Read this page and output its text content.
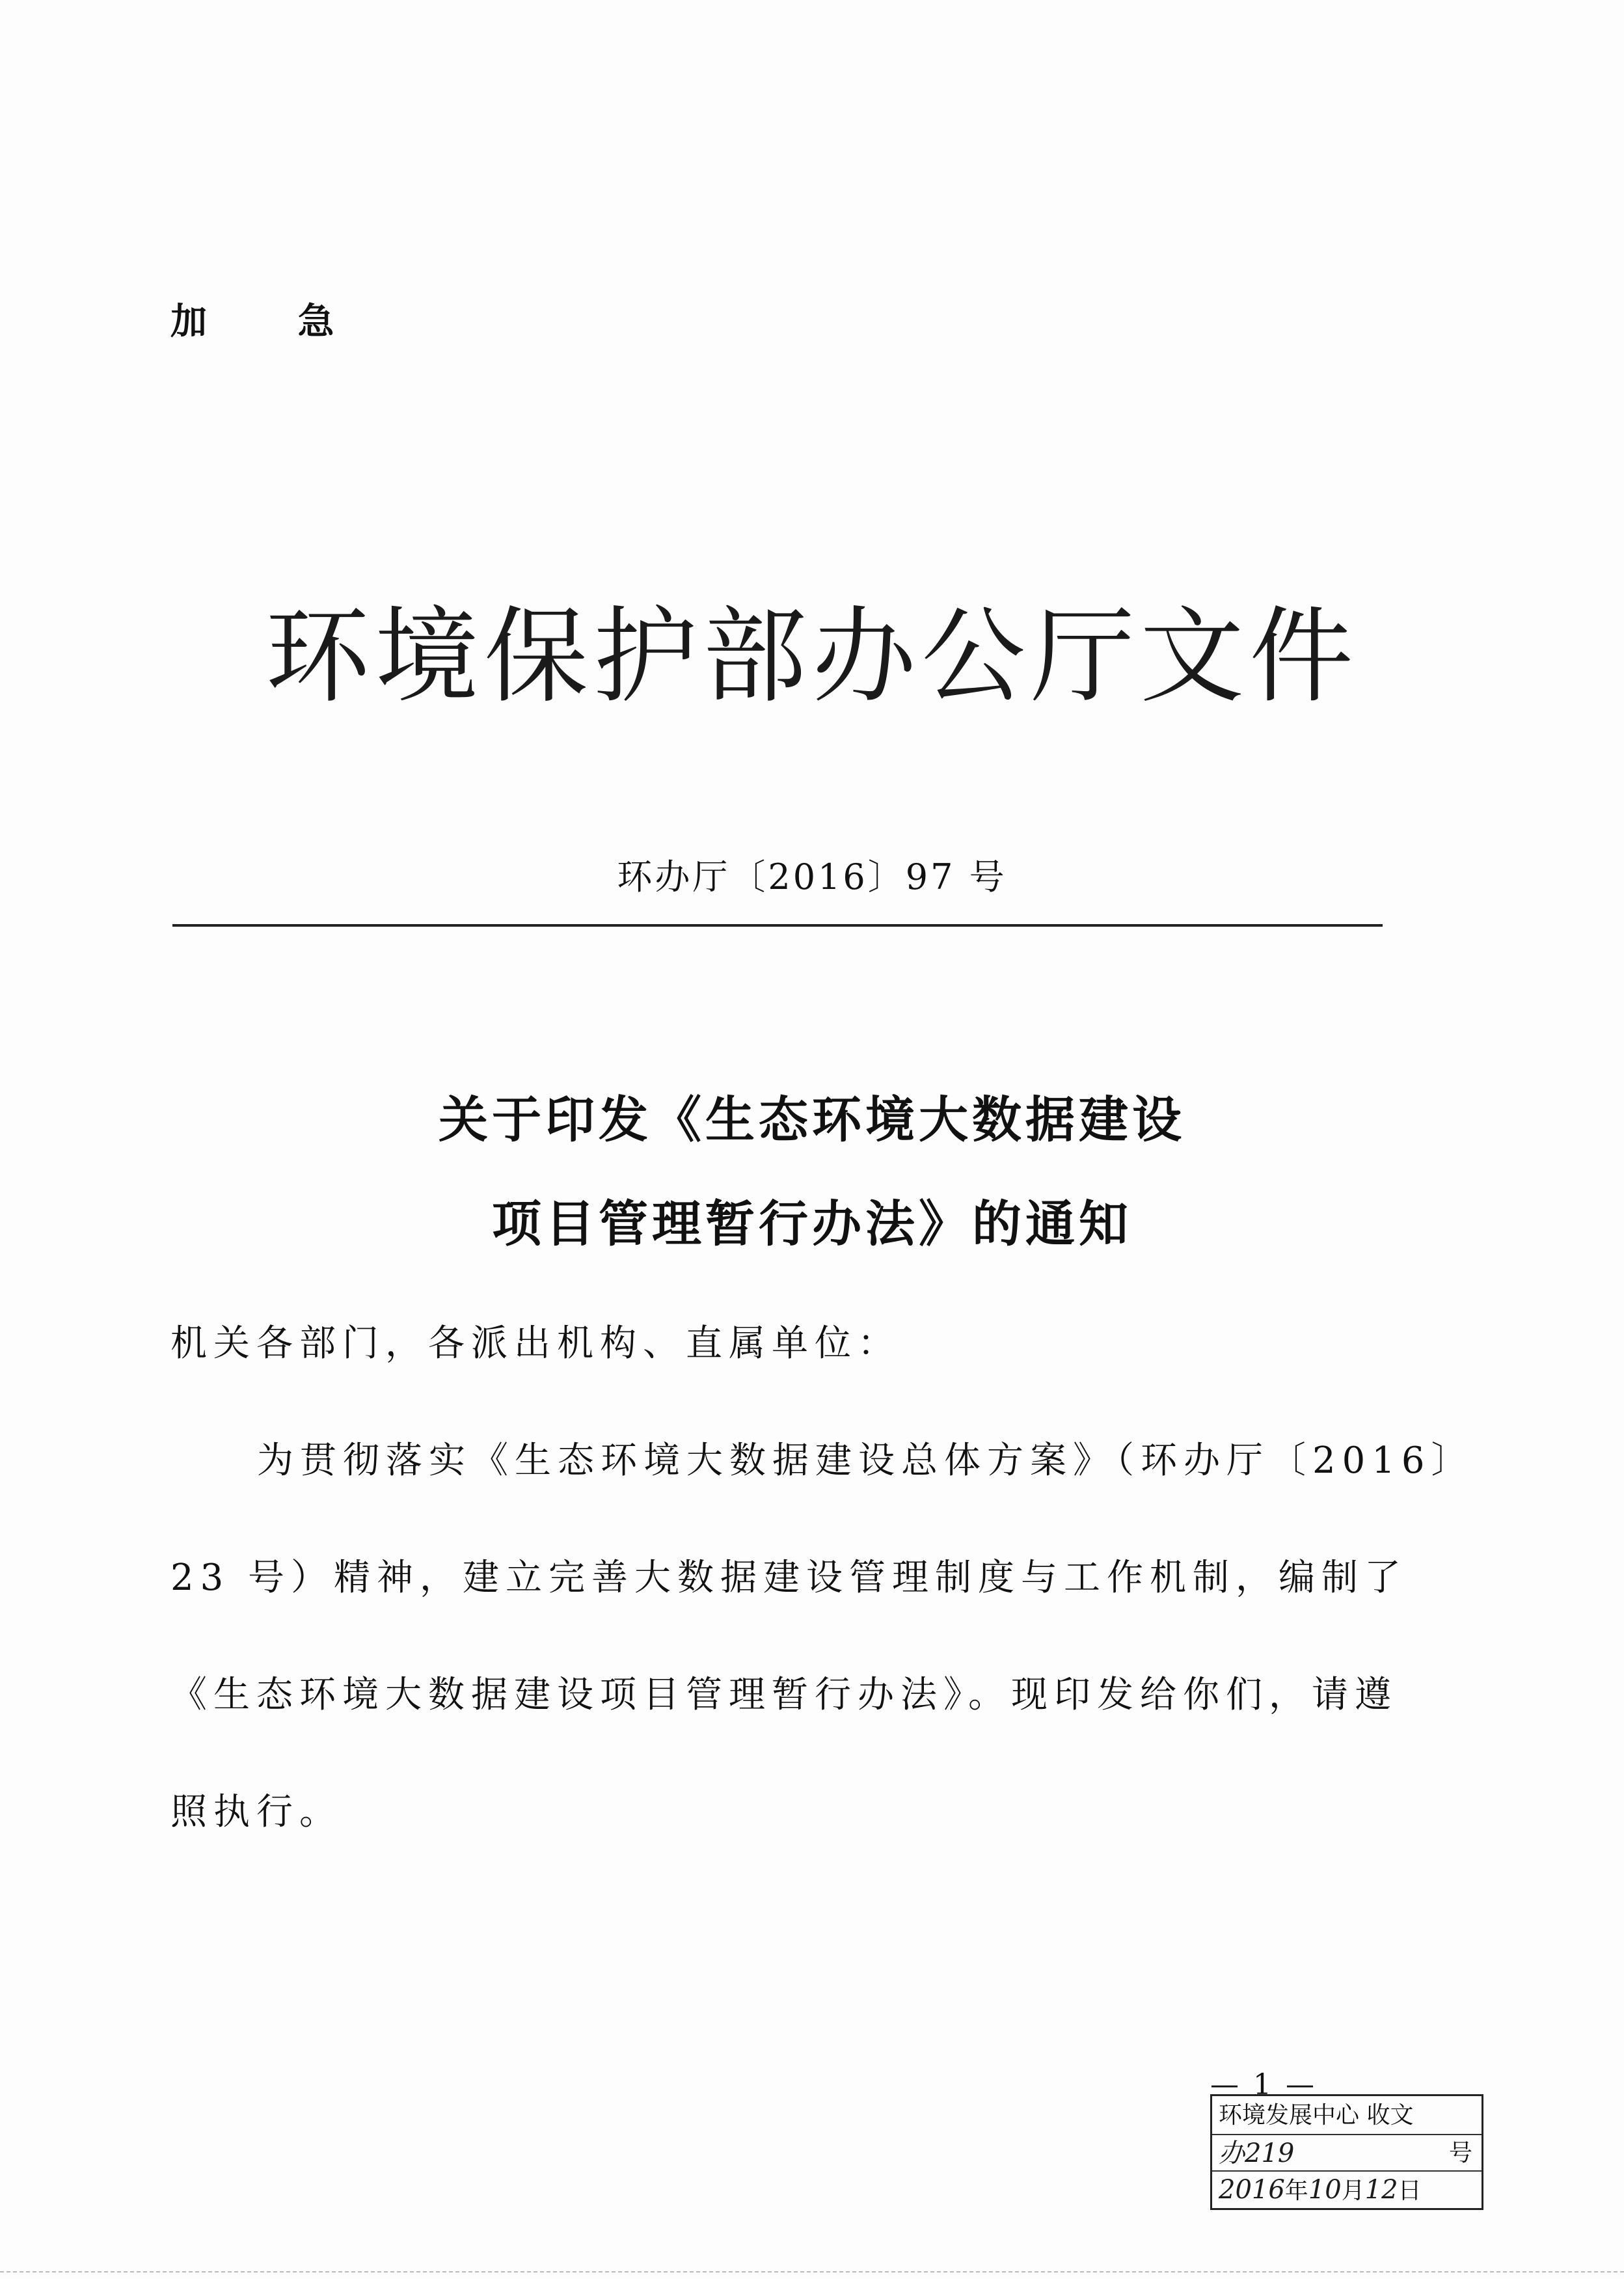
加 急
环境保护部办公厅文件
环办厅〔2016〕97 号
关于印发《生态环境大数据建设
项目管理暂行办法》的通知
机关各部门，各派出机构、直属单位：
为贯彻落实《生态环境大数据建设总体方案》（环办厅〔2016〕
23 号）精神，建立完善大数据建设管理制度与工作机制，编制了
《生态环境大数据建设项目管理暂行办法》。现印发给你们，请遵
照执行。
— 1 —
环境发展中心 收文
办219	号
2016年10月12日
